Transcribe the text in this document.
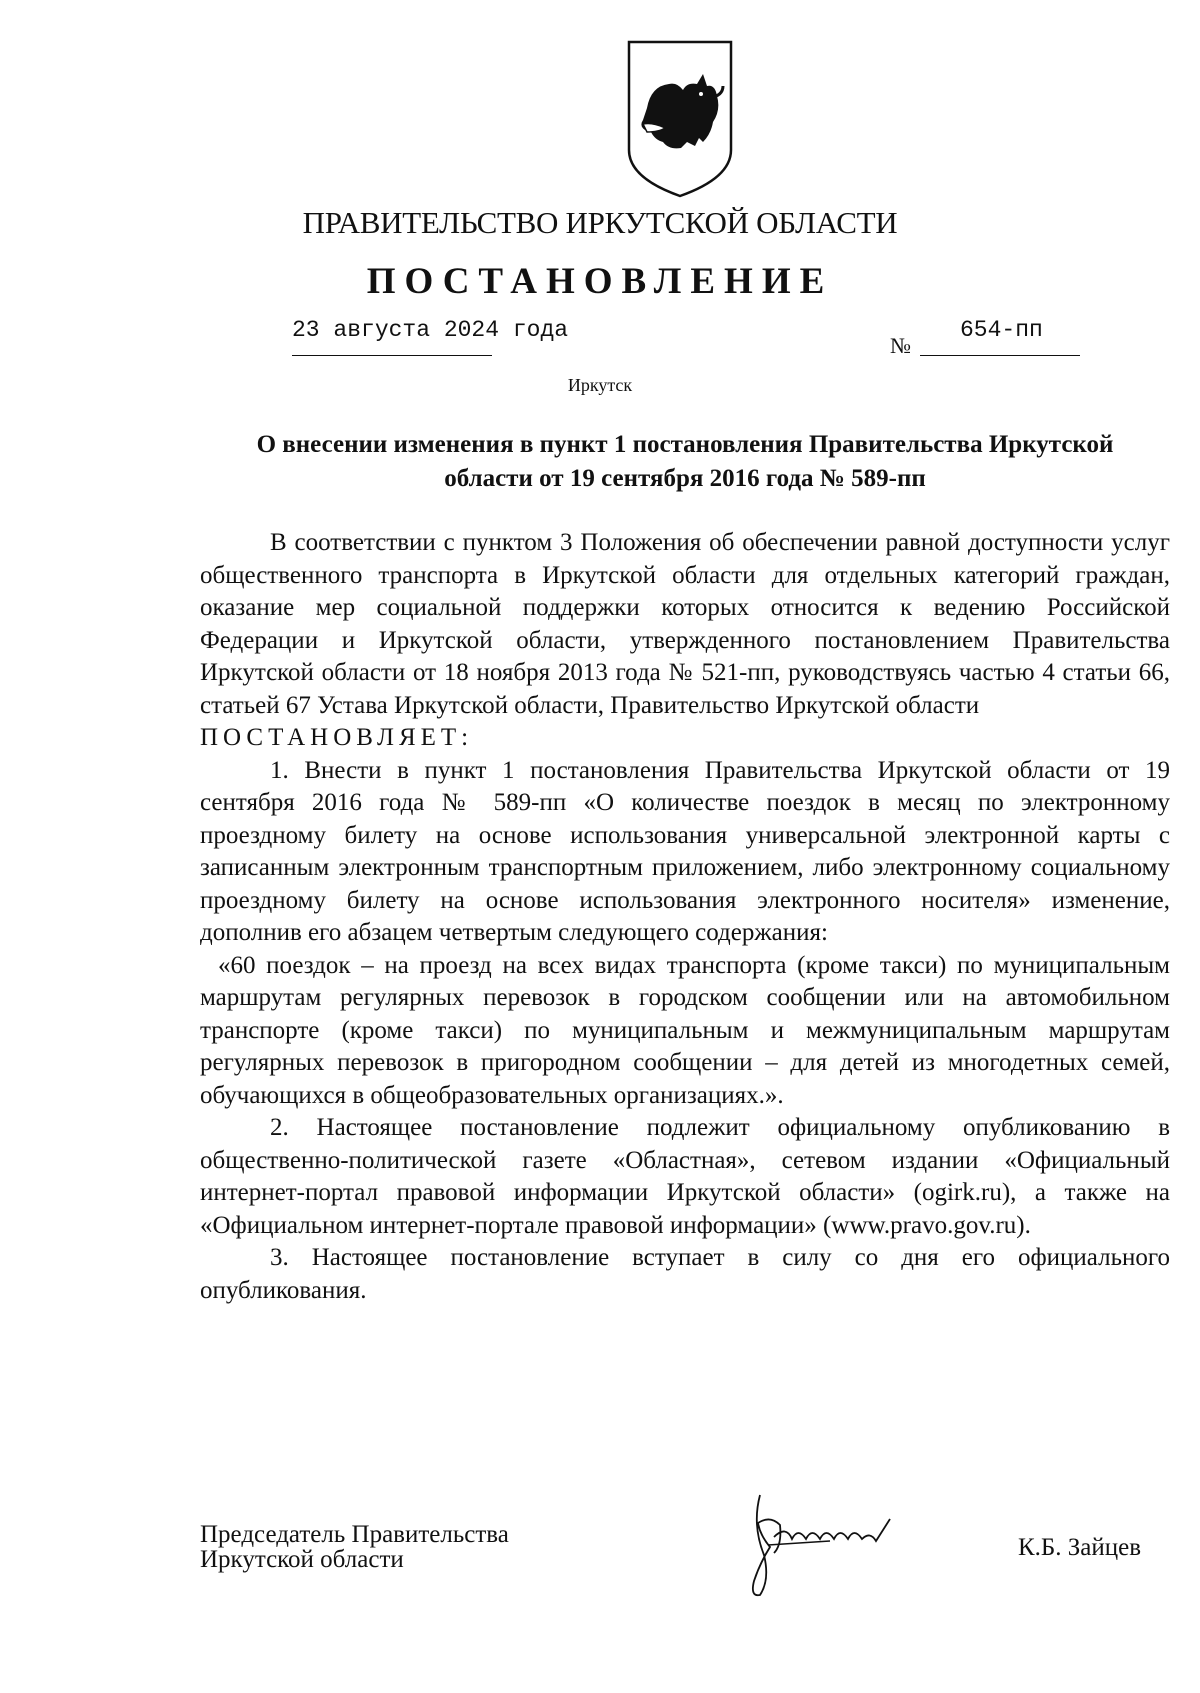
ПРАВИТЕЛЬСТВО ИРКУТСКОЙ ОБЛАСТИ
ПОСТАНОВЛЕНИЕ
23 августа 2024 года
№
654-пп
Иркутск
О внесении изменения в пункт 1 постановления Правительства Иркутской
области от 19 сентября 2016 года № 589-пп

В соответствии с пунктом 3 Положения об обеспечении равной доступности услуг общественного транспорта в Иркутской области для отдельных категорий граждан, оказание мер социальной поддержки которых относится к ведению Российской Федерации и Иркутской области, утвержденного постановлением Правительства Иркутской области от 18 ноября 2013 года № 521-пп, руководствуясь частью 4 статьи 66, статьей 67 Устава Иркутской области, Правительство Иркутской области

ПОСТАНОВЛЯЕТ:

1. Внести в пункт 1 постановления Правительства Иркутской области от 19 сентября 2016 года № 589-пп «О количестве поездок в месяц по электронному проездному билету на основе использования универсальной электронной карты с записанным электронным транспортным приложением, либо электронному социальному проездному билету на основе использования электронного носителя» изменение, дополнив его абзацем четвертым следующего содержания:

«60 поездок – на проезд на всех видах транспорта (кроме такси) по муниципальным маршрутам регулярных перевозок в городском сообщении или на автомобильном транспорте (кроме такси) по муниципальным и межмуниципальным маршрутам регулярных перевозок в пригородном сообщении – для детей из многодетных семей, обучающихся в общеобразовательных организациях.».

2. Настоящее постановление подлежит официальному опубликованию в общественно-политической газете «Областная», сетевом издании «Официальный интернет-портал правовой информации Иркутской области» (ogirk.ru), а также на «Официальном интернет-портале правовой информации» (www.pravo.gov.ru).

3. Настоящее постановление вступает в силу со дня его официального опубликования.

Председатель Правительства
Иркутской области	К.Б. Зайцев
